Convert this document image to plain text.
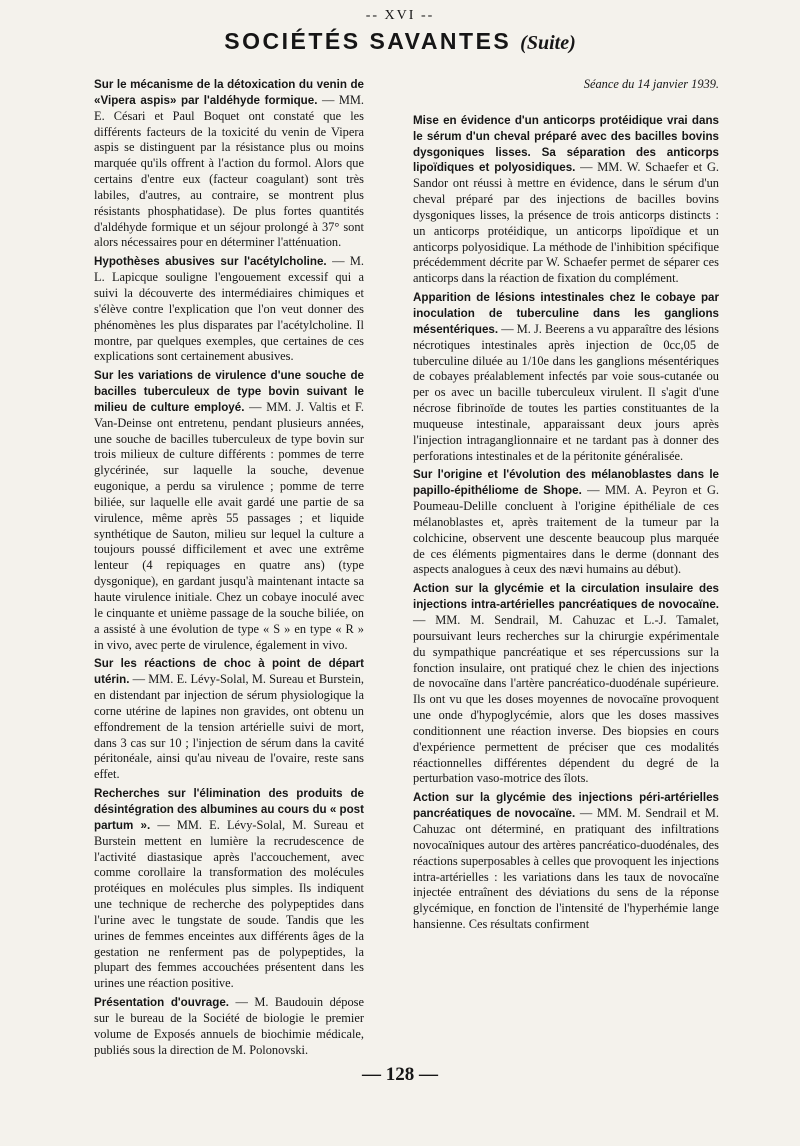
-- XVI --
SOCIÉTÉS SAVANTES (Suite)

Sur le mécanisme de la détoxication du venin de «Vipera aspis» par l'aldéhyde formique. — MM. E. Césari et Paul Boquet ont constaté que les différents facteurs de la toxicité du venin de Vipera aspis se distinguent par la résistance plus ou moins marquée qu'ils offrent à l'action du formol. Alors que certains d'entre eux (facteur coagulant) sont très labiles, d'autres, au contraire, se montrent plus résistants phosphatidase). De plus fortes quantités d'aldéhyde formique et un séjour prolongé à 37° sont alors nécessaires pour en déterminer l'atténuation.

Hypothèses abusives sur l'acétylcholine. — M. L. Lapicque souligne l'engouement excessif qui a suivi la découverte des intermédiaires chimiques et s'élève contre l'explication que l'on veut donner des phénomènes les plus disparates par l'acétylcholine. Il montre, par quelques exemples, que certaines de ces explications sont certainement abusives.

Sur les variations de virulence d'une souche de bacilles tuberculeux de type bovin suivant le milieu de culture employé. — MM. J. Valtis et F. Van-Deinse ont entretenu, pendant plusieurs années, une souche de bacilles tuberculeux de type bovin sur trois milieux de culture différents : pommes de terre glycérinée, sur laquelle la souche, devenue eugonique, a perdu sa virulence ; pomme de terre biliée, sur laquelle elle avait gardé une partie de sa virulence, même après 55 passages ; et liquide synthétique de Sauton, milieu sur lequel la culture a toujours poussé difficilement et avec une extrême lenteur (4 repiquages en quatre ans) (type dysgonique), en gardant jusqu'à maintenant intacte sa haute virulence initiale. Chez un cobaye inoculé avec le cinquante et unième passage de la souche biliée, on a assisté à une évolution de type « S » en type « R » in vivo, avec perte de virulence, également in vivo.

Sur les réactions de choc à point de départ utérin. — MM. E. Lévy-Solal, M. Sureau et Burstein, en distendant par injection de sérum physiologique la corne utérine de lapines non gravides, ont obtenu un effondrement de la tension artérielle suivi de mort, dans 3 cas sur 10 ; l'injection de sérum dans la cavité péritonéale, ainsi qu'au niveau de l'ovaire, reste sans effet.

Recherches sur l'élimination des produits de désintégration des albumines au cours du « post partum ». — MM. E. Lévy-Solal, M. Sureau et Burstein mettent en lumière la recrudescence de l'activité diastasique après l'accouchement, avec comme corollaire la transformation des molécules protéiques en molécules plus simples. Ils indiquent une technique de recherche des polypeptides dans l'urine avec le tungstate de soude. Tandis que les urines de femmes enceintes aux différents âges de la gestation ne renferment pas de polypeptides, la plupart des femmes accouchées présentent dans les urines une réaction positive.

Présentation d'ouvrage. — M. Baudouin dépose sur le bureau de la Société de biologie le premier volume de Exposés annuels de biochimie médicale, publiés sous la direction de M. Polonovski.

Séance du 14 janvier 1939.

Mise en évidence d'un anticorps protéidique vrai dans le sérum d'un cheval préparé avec des bacilles bovins dysgoniques lisses. Sa séparation des anticorps lipoïdiques et polyosidiques. — MM. W. Schaefer et G. Sandor ont réussi à mettre en évidence, dans le sérum d'un cheval préparé par des injections de bacilles bovins dysgoniques lisses, la présence de trois anticorps distincts : un anticorps protéidique, un anticorps lipoïdique et un anticorps polyosidique. La méthode de l'inhibition spécifique précédemment décrite par W. Schaefer permet de séparer ces anticorps dans la réaction de fixation du complément.

Apparition de lésions intestinales chez le cobaye par inoculation de tuberculine dans les ganglions mésentériques. — M. J. Beerens a vu apparaître des lésions nécrotiques intestinales après injection de 0cc,05 de tuberculine diluée au 1/10e dans les ganglions mésentériques de cobayes préalablement infectés par voie sous-cutanée ou per os avec un bacille tuberculeux virulent. Il s'agit d'une nécrose fibrinoïde de toutes les parties constituantes de la muqueuse intestinale, apparaissant deux jours après l'injection intraganglionnaire et ne tardant pas à donner des perforations intestinales et de la péritonite généralisée.

Sur l'origine et l'évolution des mélanoblastes dans le papillo-épithéliome de Shope. — MM. A. Peyron et G. Poumeau-Delille concluent à l'origine épithéliale de ces mélanoblastes et, après traitement de la tumeur par la colchicine, observent une descente beaucoup plus marquée de ces éléments pigmentaires dans le derme (donnant des aspects analogues à ceux des nævi humains au début).

Action sur la glycémie et la circulation insulaire des injections intra-artérielles pancréatiques de novocaïne. — MM. M. Sendrail, M. Cahuzac et L.-J. Tamalet, poursuivant leurs recherches sur la chirurgie expérimentale du sympathique pancréatique et ses répercussions sur la fonction insulaire, ont pratiqué chez le chien des injections de novocaïne dans l'artère pancréatico-duodénale supérieure. Ils ont vu que les doses moyennes de novocaïne provoquent une onde d'hypoglycémie, alors que les doses massives conditionnent une réaction inverse. Des biopsies en cours d'expérience permettent de préciser que ces modalités réactionnelles différentes dépendent du degré de la perturbation vaso-motrice des îlots.

Action sur la glycémie des injections péri-artérielles pancréatiques de novocaïne. — MM. M. Sendrail et M. Cahuzac ont déterminé, en pratiquant des infiltrations novocaïniques autour des artères pancréatico-duodénales, des réactions superposables à celles que provoquent les injections intra-artérielles : les variations dans les taux de novocaïne injectée entraînent des déviations du sens de la réponse glycémique, en fonction de l'intensité de l'hyperhémie lange hansienne. Ces résultats confirment

— 128 —
